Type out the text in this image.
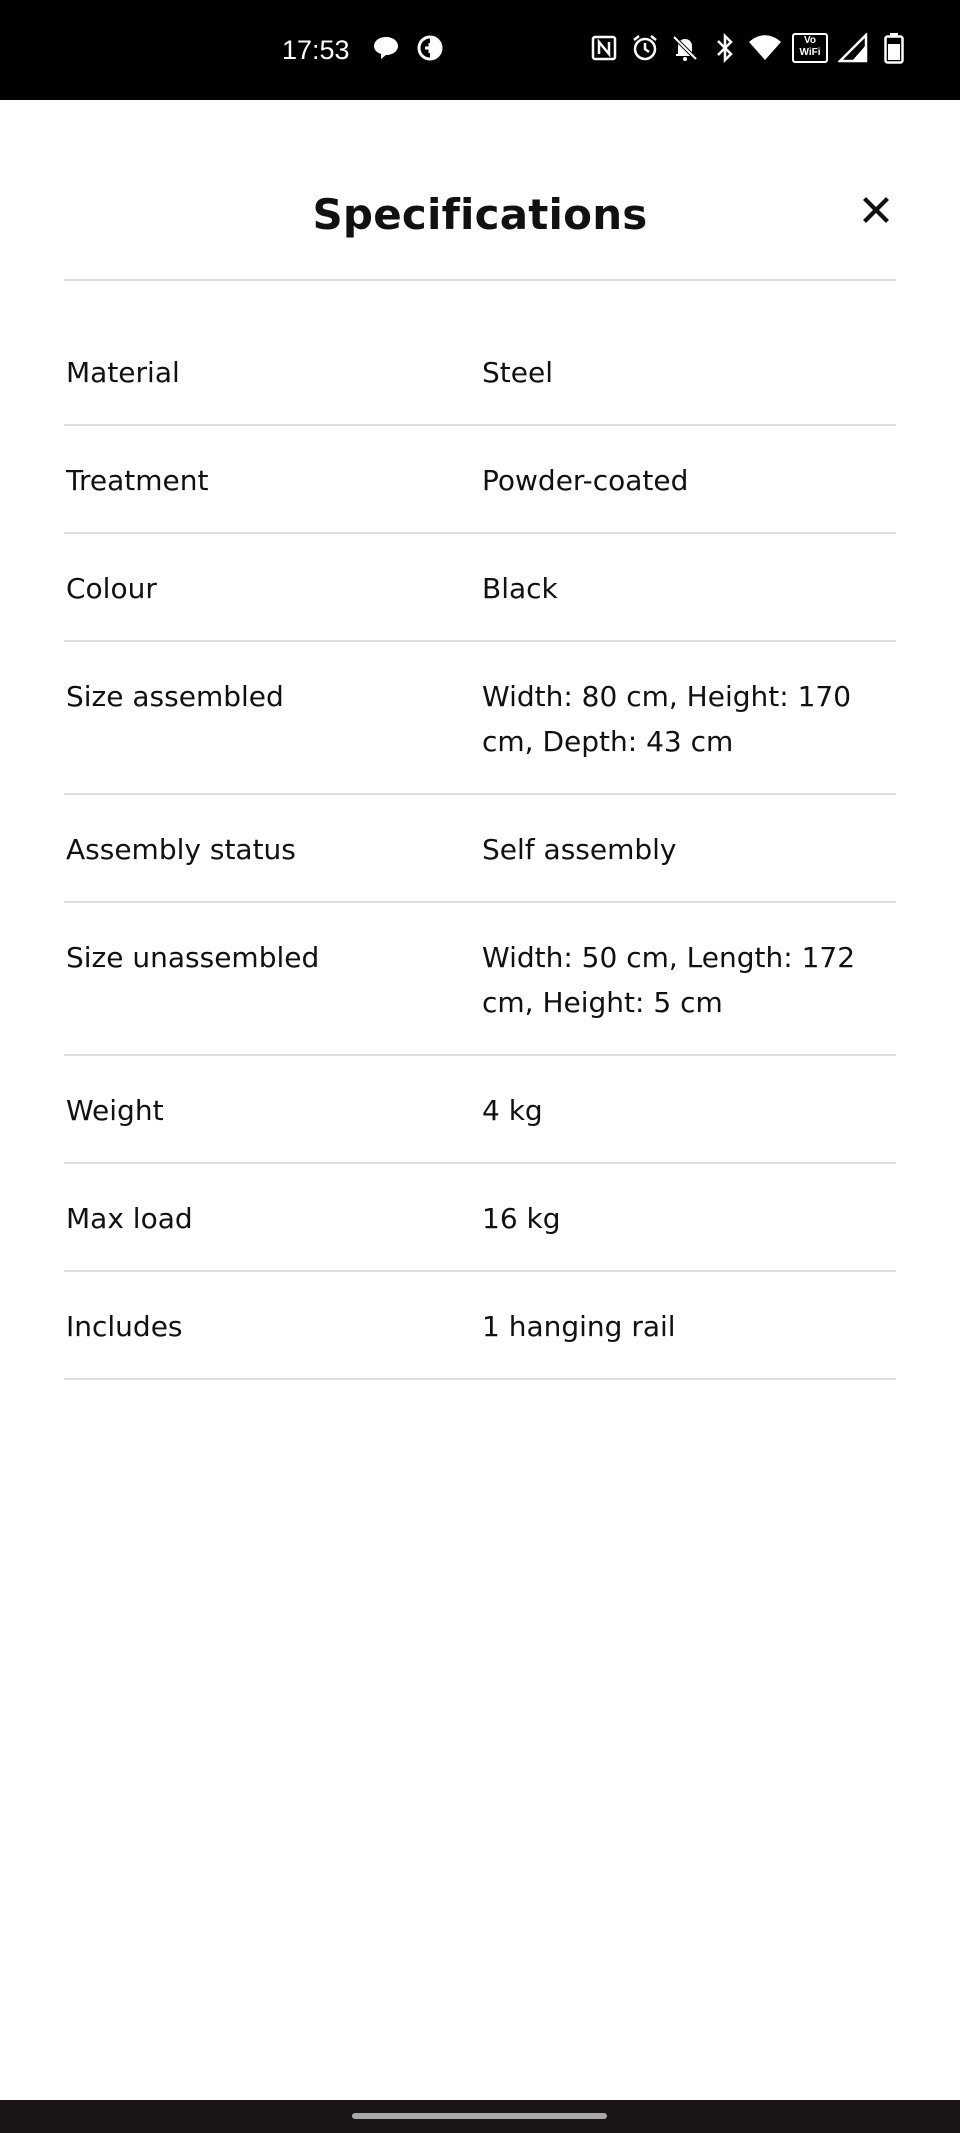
17:53	Vo
WiFi
Specifications
Material	Steel
Treatment	Powder-coated
Colour	Black
Size assembled	Width: 80 cm, Height: 170 cm, Depth: 43 cm
Assembly status	Self assembly
Size unassembled	Width: 50 cm, Length: 172 cm, Height: 5 cm
Weight	4 kg
Max load	16 kg
Includes	1 hanging rail
